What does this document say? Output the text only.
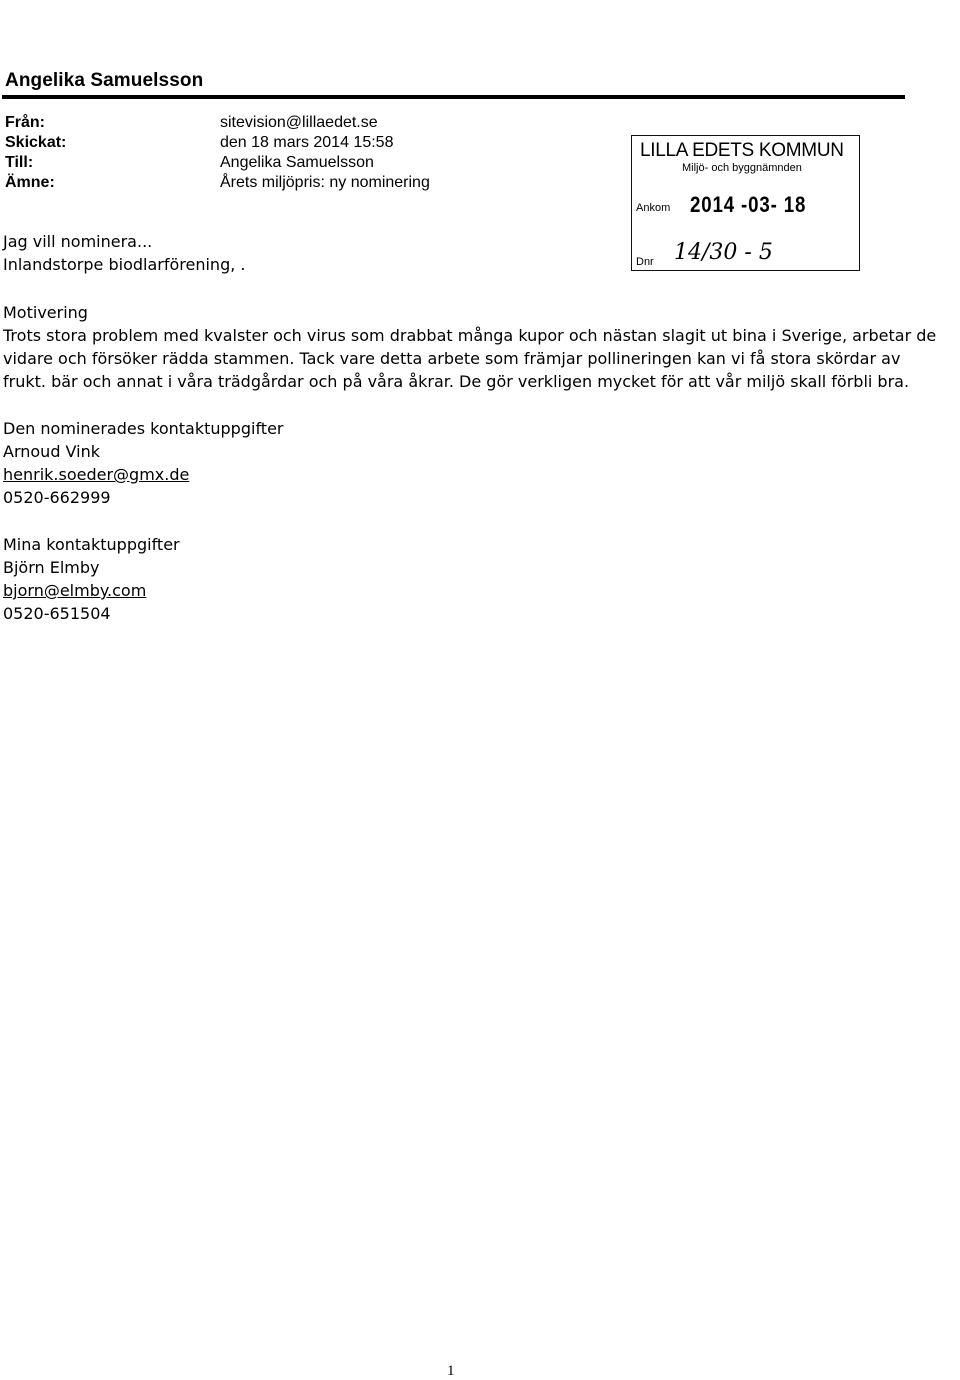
Angelika Samuelsson
Från:	sitevision@lillaedet.se
Skickat:	den 18 mars 2014 15:58
Till:	Angelika Samuelsson
Ämne:	Årets miljöpris: ny nominering
LILLA EDETS KOMMUN
Miljö- och byggnämnden
Ankom 2014 -03- 18
Dnr 14/30 - 5
Jag vill nominera...
Inlandstorpe biodlarförening, .
Motivering
Trots stora problem med kvalster och virus som drabbat många kupor och nästan slagit ut bina i Sverige, arbetar de
vidare och försöker rädda stammen. Tack vare detta arbete som främjar pollineringen kan vi få stora skördar av
frukt. bär och annat i våra trädgårdar och på våra åkrar. De gör verkligen mycket för att vår miljö skall förbli bra.
Den nominerades kontaktuppgifter
Arnoud Vink
henrik.soeder@gmx.de
0520-662999
Mina kontaktuppgifter
Björn Elmby
bjorn@elmby.com
0520-651504
1
